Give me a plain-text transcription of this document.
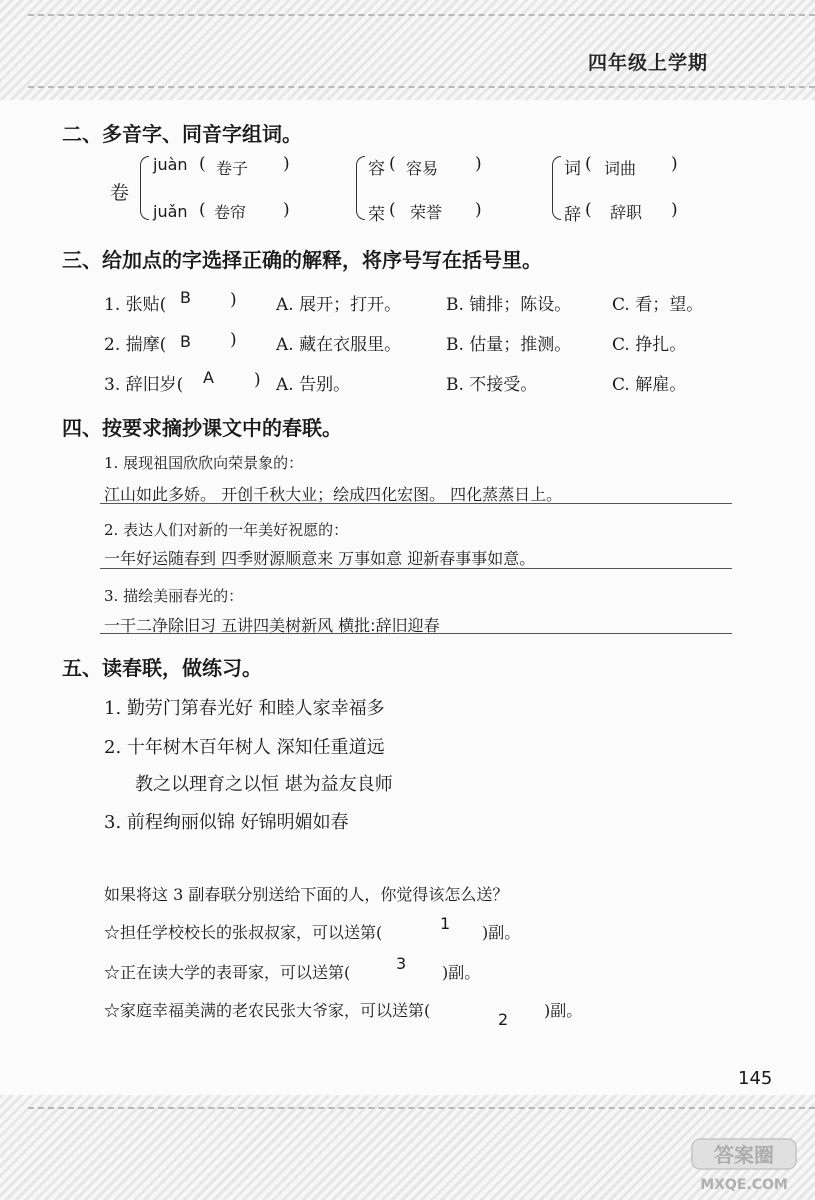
四年级上学期
二、多音字、同音字组词。
卷
juàn ( 卷子 )
juǎn ( 卷帘 )
容 ( 容易 )
荣 ( 荣誉 )
词 ( 词曲 )
辞 ( 辞职 )
三、给加点的字选择正确的解释，将序号写在括号里。
1. 张贴( B ) A. 展开；打开。	B. 铺排；陈设。 C. 看；望。
2. 揣摩( B ) A. 藏在衣服里。	B. 估量；推测。 C. 挣扎。
3. 辞旧岁( A ) A. 告别。	B. 不接受。	C. 解雇。
四、按要求摘抄课文中的春联。
1. 展现祖国欣欣向荣景象的：
江山如此多娇。 开创千秋大业；绘成四化宏图。 四化蒸蒸日上。
2. 表达人们对新的一年美好祝愿的：
一年好运随春到 四季财源顺意来 万事如意 迎新春事事如意。
3. 描绘美丽春光的：
一干二净除旧习 五讲四美树新风 横批:辞旧迎春
五、读春联，做练习。
1. 勤劳门第春光好 和睦人家幸福多
2. 十年树木百年树人 深知任重道远
教之以理育之以恒 堪为益友良师
3. 前程绚丽似锦 好锦明媚如春
如果将这 3 副春联分别送给下面的人，你觉得该怎么送？
☆担任学校校长的张叔叔家，可以送第(	1 )副。
☆正在读大学的表哥家，可以送第(	3 )副。
☆家庭幸福美满的老农民张大爷家，可以送第(	2 )副。
145
答案圈
MXQE.COM
